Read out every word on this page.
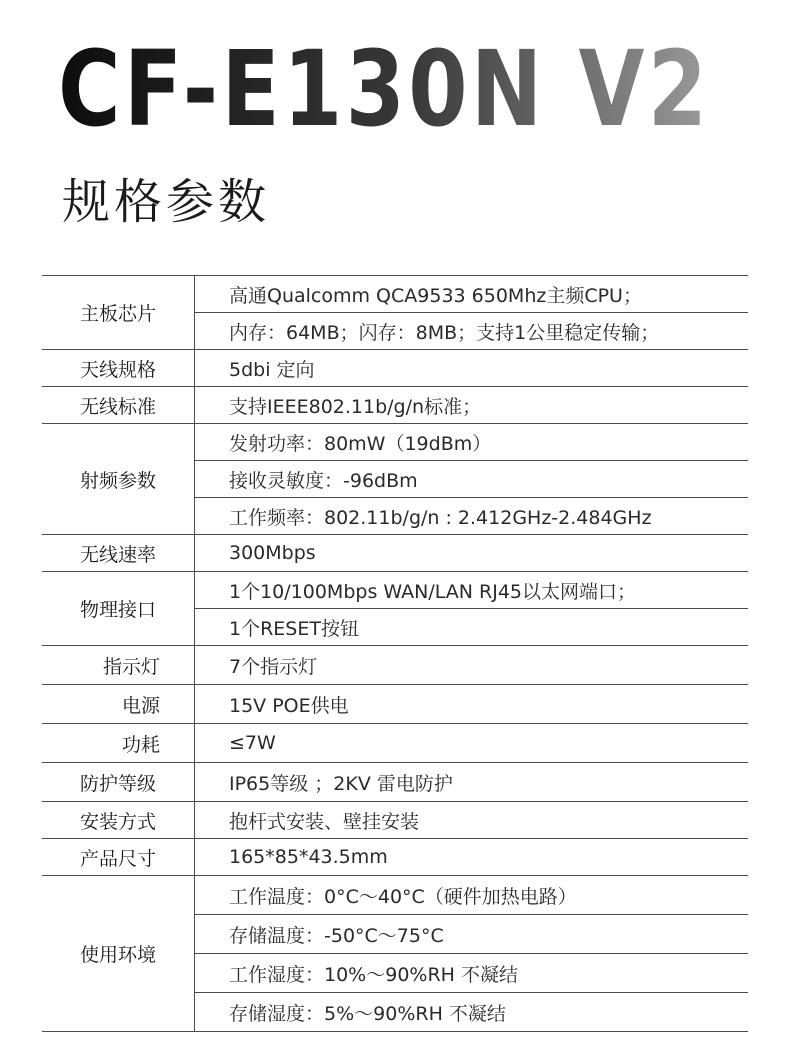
CF-E130N V2
规格参数
主板芯片	高通Qualcomm QCA9533 650Mhz主频CPU；
	内存：64MB；闪存：8MB；支持1公里稳定传输；
天线规格	5dbi 定向
无线标准	支持IEEE802.11b/g/n标准；
射频参数	发射功率：80mW（19dBm）
	接收灵敏度：-96dBm
	工作频率：802.11b/g/n : 2.412GHz-2.484GHz
无线速率	300Mbps
物理接口	1个10/100Mbps WAN/LAN RJ45以太网端口；
	1个RESET按钮
指示灯	7个指示灯
电源	15V POE供电
功耗	≤7W
防护等级	IP65等级 ；2KV 雷电防护
安装方式	抱杆式安装、壁挂安装
产品尺寸	165*85*43.5mm
使用环境	工作温度：0°C～40°C（硬件加热电路）
	存储温度：-50°C～75°C
	工作湿度：10%～90%RH 不凝结
	存储湿度：5%～90%RH 不凝结
